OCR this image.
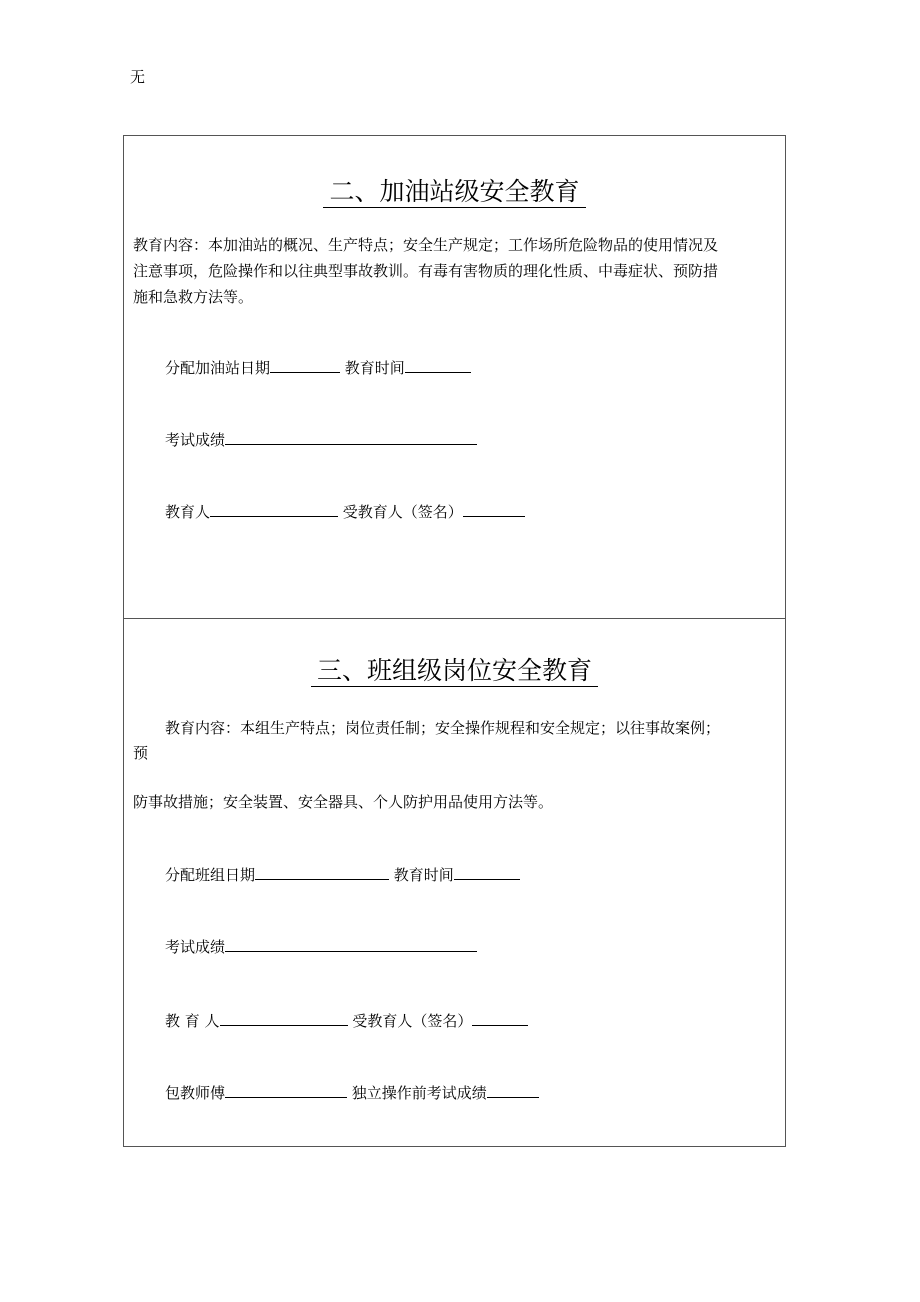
无
二、加油站级安全教育
教育内容：本加油站的概况、生产特点；安全生产规定；工作场所危险物品的使用情况及
注意事项，危险操作和以往典型事故教训。有毒有害物质的理化性质、中毒症状、预防措
施和急救方法等。
分配加油站日期	教育时间
考试成绩
教育人	受教育人（签名）
三、班组级岗位安全教育
教育内容：本组生产特点；岗位责任制；安全操作规程和安全规定；以往事故案例；
预
防事故措施；安全装置、安全器具、个人防护用品使用方法等。
分配班组日期	教育时间
考试成绩
教 育 人	受教育人（签名）
包教师傅	独立操作前考试成绩
